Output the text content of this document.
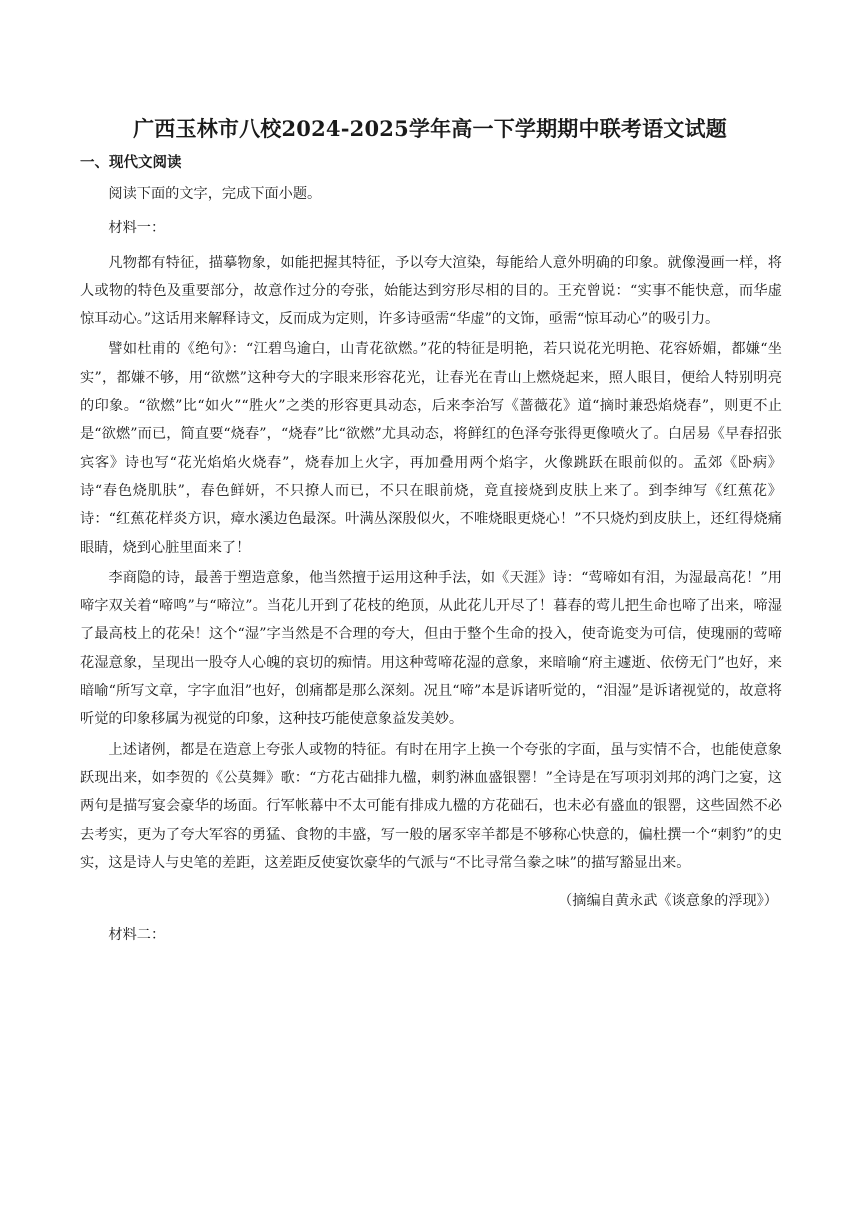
广西玉林市八校2024-2025学年高一下学期期中联考语文试题
一、现代文阅读

阅读下面的文字，完成下面小题。

材料一：

凡物都有特征，描摹物象，如能把握其特征，予以夸大渲染，每能给人意外明确的印象。就像漫画一样，将人或物的特色及重要部分，故意作过分的夸张，始能达到穷形尽相的目的。王充曾说：“实事不能快意，而华虚惊耳动心。”这话用来解释诗文，反而成为定则，许多诗亟需“华虚”的文饰，亟需“惊耳动心”的吸引力。

譬如杜甫的《绝句》：“江碧鸟逾白，山青花欲燃。”花的特征是明艳，若只说花光明艳、花容娇媚，都嫌“坐实”，都嫌不够，用“欲燃”这种夸大的字眼来形容花光，让春光在青山上燃烧起来，照人眼目，便给人特别明亮的印象。“欲燃”比“如火”“胜火”之类的形容更具动态，后来李治写《蔷薇花》道“摘时兼恐焰烧春”，则更不止是“欲燃”而已，简直要“烧春”，“烧春”比“欲燃”尤具动态，将鲜红的色泽夸张得更像喷火了。白居易《早春招张宾客》诗也写“花光焰焰火烧春”，烧春加上火字，再加叠用两个焰字，火像跳跃在眼前似的。孟郊《卧病》诗“春色烧肌肤”，春色鲜妍，不只撩人而已，不只在眼前烧，竟直接烧到皮肤上来了。到李绅写《红蕉花》诗：“红蕉花样炎方识，瘴水溪边色最深。叶满丛深殷似火，不唯烧眼更烧心！”不只烧灼到皮肤上，还红得烧痛眼睛，烧到心脏里面来了！

李商隐的诗，最善于塑造意象，他当然擅于运用这种手法，如《天涯》诗：“莺啼如有泪，为湿最高花！”用啼字双关着“啼鸣”与“啼泣”。当花儿开到了花枝的绝顶，从此花儿开尽了！暮春的莺儿把生命也啼了出来，啼湿了最高枝上的花朵！这个“湿”字当然是不合理的夸大，但由于整个生命的投入，使奇诡变为可信，使瑰丽的莺啼花湿意象，呈现出一股夺人心魄的哀切的痴情。用这种莺啼花湿的意象，来暗喻“府主遽逝、依傍无门”也好，来暗喻“所写文章，字字血泪”也好，创痛都是那么深刻。况且“啼”本是诉诸听觉的，“泪湿”是诉诸视觉的，故意将听觉的印象移属为视觉的印象，这种技巧能使意象益发美妙。

上述诸例，都是在造意上夸张人或物的特征。有时在用字上换一个夸张的字面，虽与实情不合，也能使意象跃现出来，如李贺的《公莫舞》歌：“方花古础排九楹，刺豹淋血盛银罂！”全诗是在写项羽刘邦的鸿门之宴，这两句是描写宴会豪华的场面。行军帐幕中不太可能有排成九楹的方花础石，也未必有盛血的银罂，这些固然不必去考实，更为了夸大军容的勇猛、食物的丰盛，写一般的屠豕宰羊都是不够称心快意的，偏杜撰一个“刺豹”的史实，这是诗人与史笔的差距，这差距反使宴饮豪华的气派与“不比寻常刍豢之味”的描写豁显出来。

（摘编自黄永武《谈意象的浮现》）

材料二：
